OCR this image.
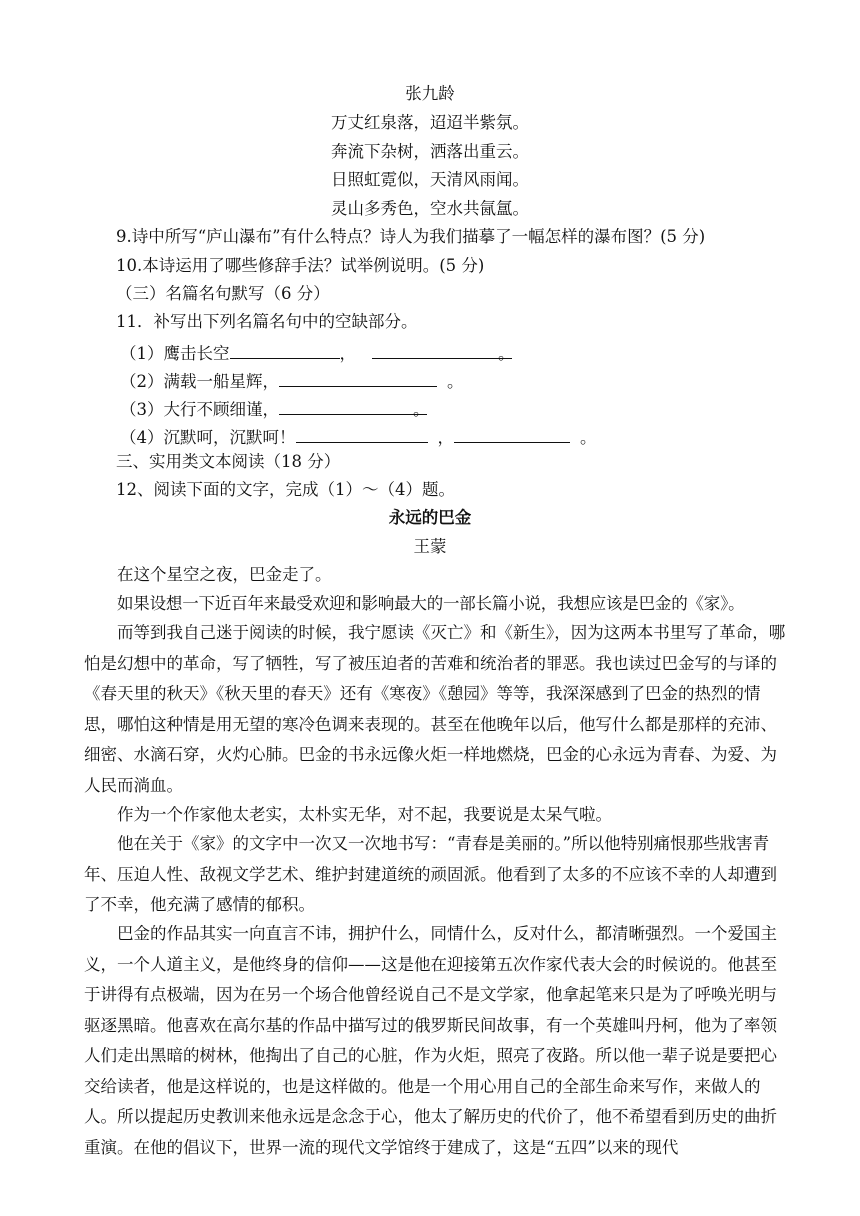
张九龄
万丈红泉落，迢迢半紫氛。
奔流下杂树，洒落出重云。
日照虹霓似，天清风雨闻。
灵山多秀色，空水共氤氲。
9.诗中所写“庐山瀑布”有什么特点？诗人为我们描摹了一幅怎样的瀑布图？(5 分)
10.本诗运用了哪些修辞手法？试举例说明。(5 分)
（三）名篇名句默写（6 分）
11．补写出下列名篇名句中的空缺部分。
（1）鹰击长空	，	。
（2）满载一船星辉，	。
（3）大行不顾细谨，	。
（4）沉默呵，沉默呵！	，	。
三、实用类文本阅读（18 分）
12、阅读下面的文字，完成（1）～（4）题。
永远的巴金
王蒙
在这个星空之夜，巴金走了。
如果设想一下近百年来最受欢迎和影响最大的一部长篇小说，我想应该是巴金的《家》。
而等到我自己迷于阅读的时候，我宁愿读《灭亡》和《新生》，因为这两本书里写了革命，哪怕是幻想中的革命，写了牺牲，写了被压迫者的苦难和统治者的罪恶。我也读过巴金写的与译的《春天里的秋天》《秋天里的春天》还有《寒夜》《憩园》等等，我深深感到了巴金的热烈的情思，哪怕这种情是用无望的寒冷色调来表现的。甚至在他晚年以后，他写什么都是那样的充沛、细密、水滴石穿，火灼心肺。巴金的书永远像火炬一样地燃烧，巴金的心永远为青春、为爱、为人民而淌血。
作为一个作家他太老实，太朴实无华，对不起，我要说是太呆气啦。
他在关于《家》的文字中一次又一次地书写：“青春是美丽的。”所以他特别痛恨那些戕害青年、压迫人性、敌视文学艺术、维护封建道统的顽固派。他看到了太多的不应该不幸的人却遭到了不幸，他充满了感情的郁积。
巴金的作品其实一向直言不讳，拥护什么，同情什么，反对什么，都清晰强烈。一个爱国主义，一个人道主义，是他终身的信仰——这是他在迎接第五次作家代表大会的时候说的。他甚至于讲得有点极端，因为在另一个场合他曾经说自己不是文学家，他拿起笔来只是为了呼唤光明与驱逐黑暗。他喜欢在高尔基的作品中描写过的俄罗斯民间故事，有一个英雄叫丹柯，他为了率领人们走出黑暗的树林，他掏出了自己的心脏，作为火炬，照亮了夜路。所以他一辈子说是要把心交给读者，他是这样说的，也是这样做的。他是一个用心用自己的全部生命来写作，来做人的人。所以提起历史教训来他永远是念念于心，他太了解历史的代价了，他不希望看到历史的曲折重演。在他的倡议下，世界一流的现代文学馆终于建成了，这是“五四”以来的现代
